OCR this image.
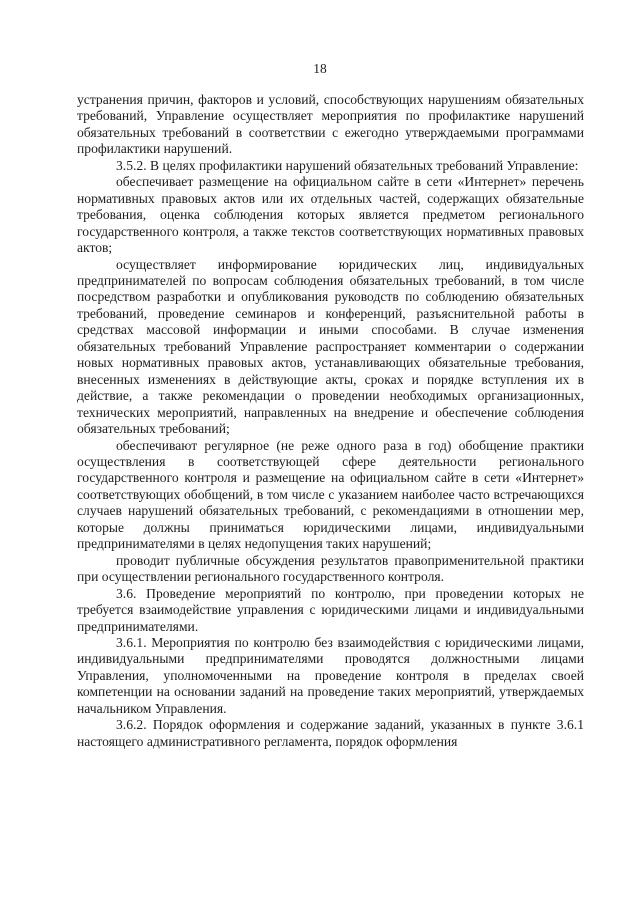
18

устранения причин, факторов и условий, способствующих нарушениям обязательных требований, Управление осуществляет мероприятия по профилактике нарушений обязательных требований в соответствии с ежегодно утверждаемыми программами профилактики нарушений.

3.5.2. В целях профилактики нарушений обязательных требований Управление:

обеспечивает размещение на официальном сайте в сети «Интернет» перечень нормативных правовых актов или их отдельных частей, содержащих обязательные требования, оценка соблюдения которых является предметом регионального государственного контроля, а также текстов соответствующих нормативных правовых актов;

осуществляет информирование юридических лиц, индивидуальных предпринимателей по вопросам соблюдения обязательных требований, в том числе посредством разработки и опубликования руководств по соблюдению обязательных требований, проведение семинаров и конференций, разъяснительной работы в средствах массовой информации и иными способами. В случае изменения обязательных требований Управление распространяет комментарии о содержании новых нормативных правовых актов, устанавливающих обязательные требования, внесенных изменениях в действующие акты, сроках и порядке вступления их в действие, а также рекомендации о проведении необходимых организационных, технических мероприятий, направленных на внедрение и обеспечение соблюдения обязательных требований;

обеспечивают регулярное (не реже одного раза в год) обобщение практики осуществления в соответствующей сфере деятельности регионального государственного контроля и размещение на официальном сайте в сети «Интернет» соответствующих обобщений, в том числе с указанием наиболее часто встречающихся случаев нарушений обязательных требований, с рекомендациями в отношении мер, которые должны приниматься юридическими лицами, индивидуальными предпринимателями в целях недопущения таких нарушений;

проводит публичные обсуждения результатов правоприменительной практики при осуществлении регионального государственного контроля.

3.6. Проведение мероприятий по контролю, при проведении которых не требуется взаимодействие управления с юридическими лицами и индивидуальными предпринимателями.

3.6.1. Мероприятия по контролю без взаимодействия с юридическими лицами, индивидуальными предпринимателями проводятся должностными лицами Управления, уполномоченными на проведение контроля в пределах своей компетенции на основании заданий на проведение таких мероприятий, утверждаемых начальником Управления.

3.6.2. Порядок оформления и содержание заданий, указанных в пункте 3.6.1 настоящего административного регламента, порядок оформления
